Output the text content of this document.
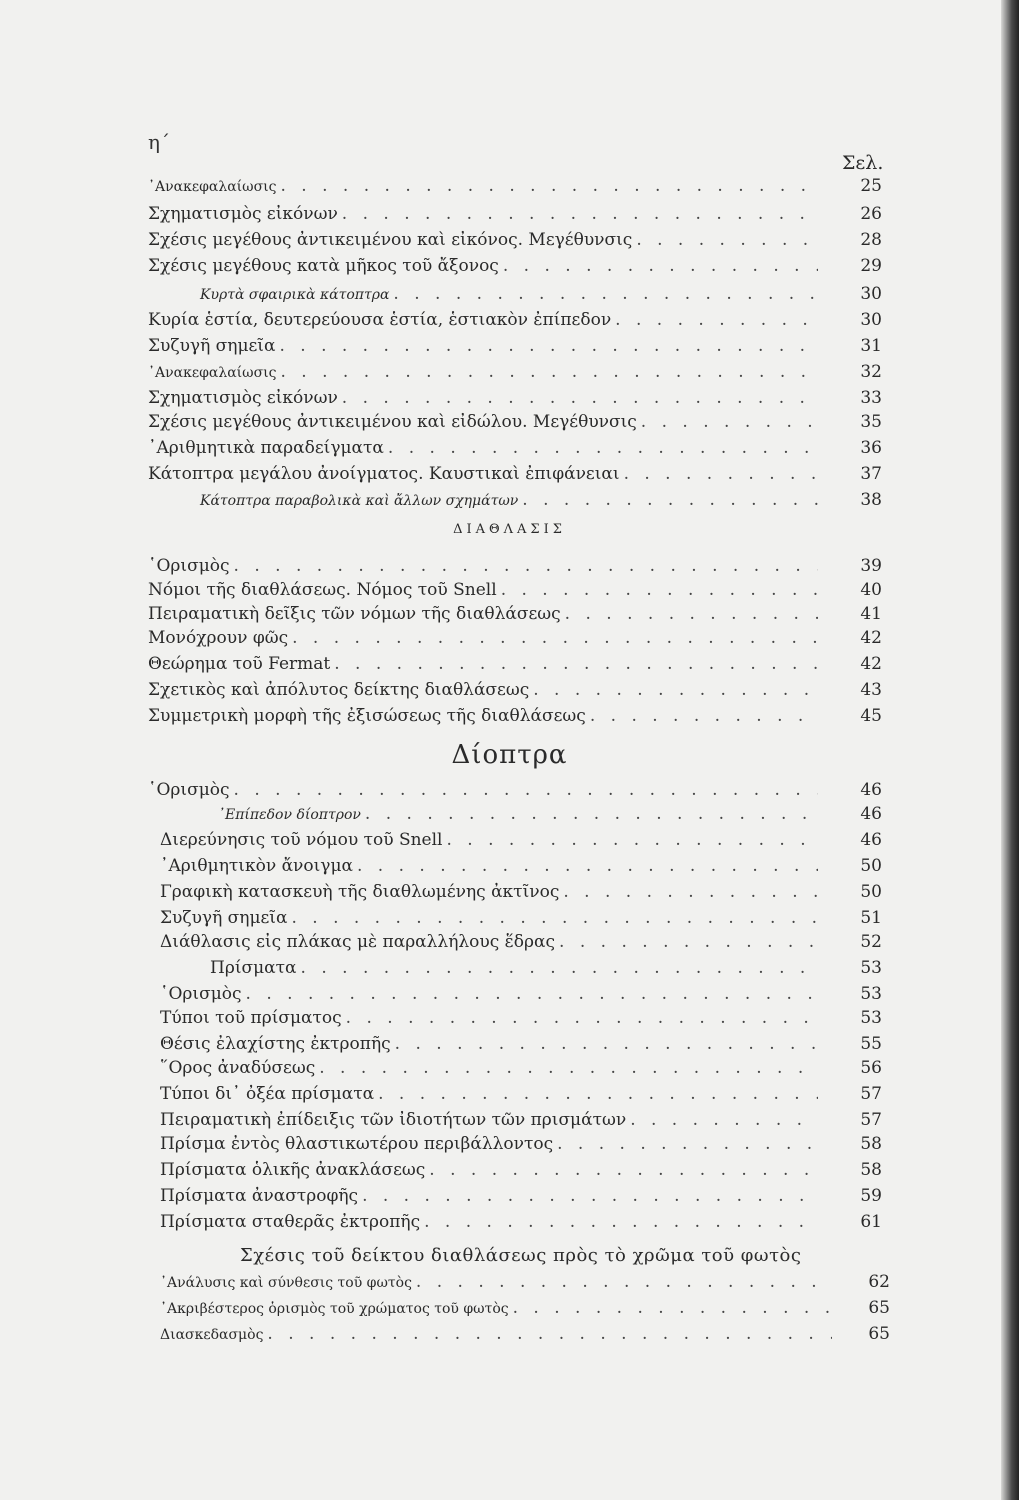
η΄
Σελ.
᾿Ανακεφαλαίωσις . . .	25
Σχηματισμὸς εἰκόνων . . .	26
Σχέσις μεγέθους ἀντικειμένου καὶ εἰκόνος. Μεγέθυνσις . . .	28
Σχέσις μεγέθους κατὰ μῆκος τοῦ ἄξονος . . .	29
Κυρτὰ σφαιρικὰ κάτοπτρα . . .	30
Κυρία ἑστία, δευτερεύουσα ἑστία, ἑστιακὸν ἐπίπεδον . . .	30
Συζυγῆ σημεῖα . . .	31
᾿Ανακεφαλαίωσις . . .	32
Σχηματισμὸς εἰκόνων . . .	33
Σχέσις μεγέθους ἀντικειμένου καὶ εἰδώλου. Μεγέθυνσις . . .	35
᾿Αριθμητικὰ παραδείγματα . . .	36
Κάτοπτρα μεγάλου ἀνοίγματος. Καυστικαὶ ἐπιφάνειαι . . .	37
Κάτοπτρα παραβολικὰ καὶ ἄλλων σχημάτων . . .	38
ΔΙΑΘΛΑΣΙΣ
῾Ορισμὸς . . .	39
Νόμοι τῆς διαθλάσεως. Νόμος τοῦ Snell . . .	40
Πειραματικὴ δεῖξις τῶν νόμων τῆς διαθλάσεως . . .	41
Μονόχρουν φῶς . . .	42
Θεώρημα τοῦ Fermat . . .	42
Σχετικὸς καὶ ἀπόλυτος δείκτης διαθλάσεως . . .	43
Συμμετρικὴ μορφὴ τῆς ἐξισώσεως τῆς διαθλάσεως . . .	45
Δίοπτρα
῾Ορισμὸς . . .	46
᾿Επίπεδον δίοπτρον . . .	46
Διερεύνησις τοῦ νόμου τοῦ Snell . . .	46
᾿Αριθμητικὸν ἄνοιγμα . . .	50
Γραφικὴ κατασκευὴ τῆς διαθλωμένης ἀκτῖνος . . .	50
Συζυγῆ σημεῖα . . .	51
Διάθλασις εἰς πλάκας μὲ παραλλήλους ἕδρας . . .	52
Πρίσματα . . .	53
῾Ορισμὸς . . .	53
Τύποι τοῦ πρίσματος . . .	53
Θέσις ἐλαχίστης ἐκτροπῆς . . .	55
῞Ορος ἀναδύσεως . . .	56
Τύποι δι᾿ ὀξέα πρίσματα . . .	57
Πειραματικὴ ἐπίδειξις τῶν ἰδιοτήτων τῶν πρισμάτων . . .	57
Πρίσμα ἐντὸς θλαστικωτέρου περιβάλλοντος . . .	58
Πρίσματα ὁλικῆς ἀνακλάσεως . . .	58
Πρίσματα ἀναστροφῆς . . .	59
Πρίσματα σταθερᾶς ἐκτροπῆς . . .	61
Σχέσις τοῦ δείκτου διαθλάσεως πρὸς τὸ χρῶμα τοῦ φωτὸς
᾿Ανάλυσις καὶ σύνθεσις τοῦ φωτὸς . . .	62
᾿Ακριβέστερος ὁρισμὸς τοῦ χρώματος τοῦ φωτὸς . . .	65
Διασκεδασμὸς . . .	65
